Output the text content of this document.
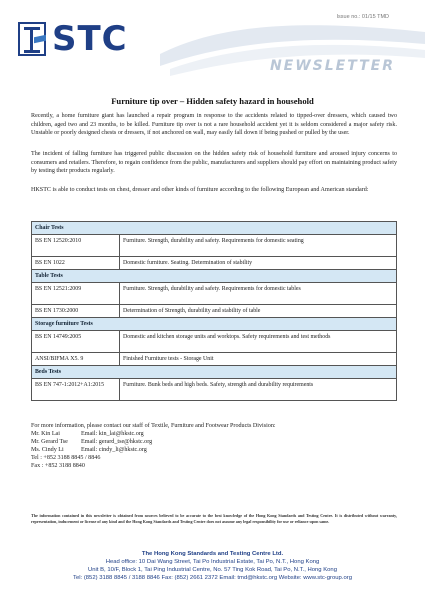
Issue no.: 01/15 TMD
STC
NEWSLETTER
Furniture tip over – Hidden safety hazard in household

Recently, a home furniture giant has launched a repair program in response to the accidents related to tipped-over dressers, which caused two children, aged two and 23 months, to be killed. Furniture tip over is not a rare household accident yet it is seldom considered a major safety risk. Unstable or poorly designed chests or dressers, if not anchored on wall, may easily fall down if being pushed or pulled by the user.

The incident of falling furniture has triggered public discussion on the hidden safety risk of household furniture and aroused injury concerns to consumers and retailers. Therefore, to regain confidence from the public, manufacturers and suppliers should pay effort on maintaining product safety by testing their products regularly.

HKSTC is able to conduct tests on chest, dresser and other kinds of furniture according to the following European and American standard:

Chair Tests	
BS EN 12520:2010	Furniture. Strength, durability and safety. Requirements for domestic seating
BS EN 1022	Domestic furniture. Seating. Determination of stability
Table Tests	
BS EN 12521:2009	Furniture. Strength, durability and safety. Requirements for domestic tables
BS EN 1730:2000	Determination of Strength, durability and stability of table
Storage furniture Tests	
BS EN 14749:2005	Domestic and kitchen storage units and worktops. Safety requirements and test methods
ANSI/BIFMA X5. 9	Finished Furniture tests - Storage Unit
Beds Tests	
BS EN 747-1:2012+A1:2015	Furniture. Bunk beds and high beds. Safety, strength and durability requirements
For more information, please contact our staff of Textile, Furniture and Footwear Products Division:
Mr. Kin Lai	Email: kin_lai@hkstc.org
Mr. Gerard Tse	Email: gerard_tse@hkstc.org
Ms. Cindy Li	Email: cindy_li@hkstc.org
Tel : +852 3188 8845 / 8846
Fax : +852 3188 8840
The information contained in this newsletter is obtained from sources believed to be accurate to the best knowledge of the Hong Kong Standards and Testing Centre. It is distributed without warranty, representation, inducement or license of any kind and the Hong Kong Standards and Testing Centre does not assume any legal responsibility for use or reliance upon same.
The Hong Kong Standards and Testing Centre Ltd.
Head office: 10 Dai Wang Street, Tai Po Industrial Estate, Tai Po, N.T., Hong Kong
Unit B, 10/F, Block 1, Tai Ping Industrial Centre, No. 57 Ting Kok Road, Tai Po, N.T., Hong Kong
Tel: (852) 3188 8845 / 3188 8846 Fax: (852) 2661 2372 Email: tmd@hkstc.org Website: www.stc-group.org
